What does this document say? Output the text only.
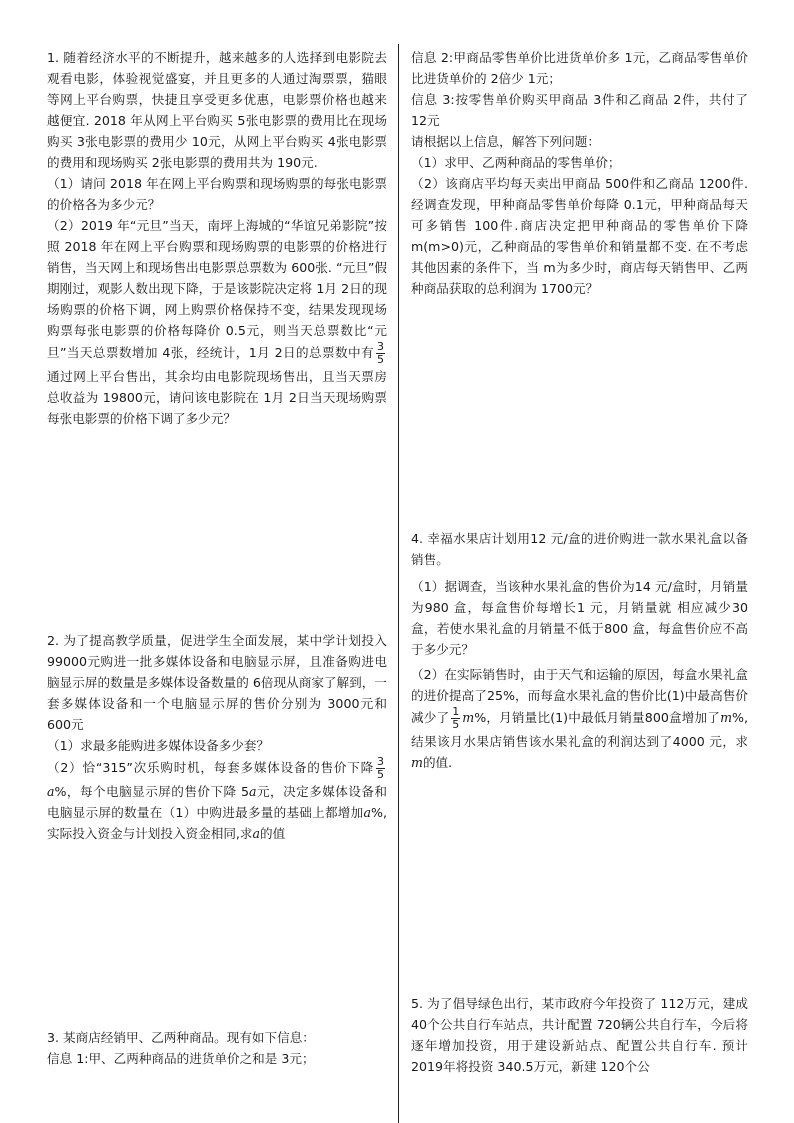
1. 随着经济水平的不断提升，越来越多的人选择到电影院去观看电影，体验视觉盛宴，并且更多的人通过淘票票，猫眼等网上平台购票，快捷且享受更多优惠，电影票价格也越来越便宜. 2018 年从网上平台购买 5张电影票的费用比在现场购买 3张电影票的费用少 10元，从网上平台购买 4张电影票的费用和现场购买 2张电影票的费用共为 190元.

（1）请问 2018 年在网上平台购票和现场购票的每张电影票的价格各为多少元？

（2）2019 年“元旦”当天，南坪上海城的“华谊兄弟影院”按照 2018 年在网上平台购票和现场购票的电影票的价格进行销售，当天网上和现场售出电影票总票数为 600张. “元旦”假期刚过，观影人数出现下降，于是该影院决定将 1月 2日的现场购票的价格下调，网上购票价格保持不变，结果发现现场购票每张电影票的价格每降价 0.5元，则当天总票数比“元旦”当天总票数增加 4张，经统计，1月 2日的总票数中有 $\frac{3}{5}$
通过网上平台售出，其余均由电影院现场售出，且当天票房总收益为 19800元，请问该电影院在 1月 2日当天现场购票每张电影票的价格下调了多少元？

2. 为了提高教学质量，促进学生全面发展，某中学计划投入 99000元购进一批多媒体设备和电脑显示屏，且准备购进电脑显示屏的数量是多媒体设备数量的 6倍现从商家了解到，一套多媒体设备和一个电脑显示屏的售价分别为 3000元和 600元

（1）求最多能购进多媒体设备多少套？

（2）恰“315”次乐购时机，每套多媒体设备的售价下降 $\frac{3}{5}$
a%，每个电脑显示屏的售价下降 5a元，决定多媒体设备和电脑显示屏的数量在（1）中购进最多量的基础上都增加a%,实际投入资金与计划投入资金相同,求a的值

3. 某商店经销甲、乙两种商品。现有如下信息：

信息 1:甲、乙两种商品的进货单价之和是 3元；

信息 2:甲商品零售单价比进货单价多 1元，乙商品零售单价比进货单价的 2倍少 1元；

信息 3:按零售单价购买甲商品 3件和乙商品 2件，共付了 12元

请根据以上信息，解答下列问题：

（1）求甲、乙两种商品的零售单价；

（2）该商店平均每天卖出甲商品 500件和乙商品 1200件. 经调查发现，甲种商品零售单价每降 0.1元，甲种商品每天可多销售 100件.商店决定把甲种商品的零售单价下降 m(m>0)元，乙种商品的零售单价和销量都不变. 在不考虑其他因素的条件下，当 m为多少时，商店每天销售甲、乙两种商品获取的总利润为 1700元？

4. 幸福水果店计划用12 元/盒的进价购进一款水果礼盒以备销售。

（1）据调查，当该种水果礼盒的售价为14 元/盒时，月销量为980 盒，每盒售价每增长1 元，月销量就 相应减少30 盒，若使水果礼盒的月销量不低于800 盒，每盒售价应不高于多少元？

（2）在实际销售时，由于天气和运输的原因，每盒水果礼盒的进价提高了25%，而每盒水果礼盒的售价比(1)中最高售价减少了 $\frac{1}{5} m\%$，月销量比(1)中最低月销量800盒增加了m%,结果该月水果店销售该水果礼盒的利润达到了4000 元，求m的值.

5. 为了倡导绿色出行，某市政府今年投资了 112万元，建成 40个公共自行车站点，共计配置 720辆公共自行车，今后将逐年增加投资，用于建设新站点、配置公共自行车. 预计 2019年将投资 340.5万元，新建 120个公
